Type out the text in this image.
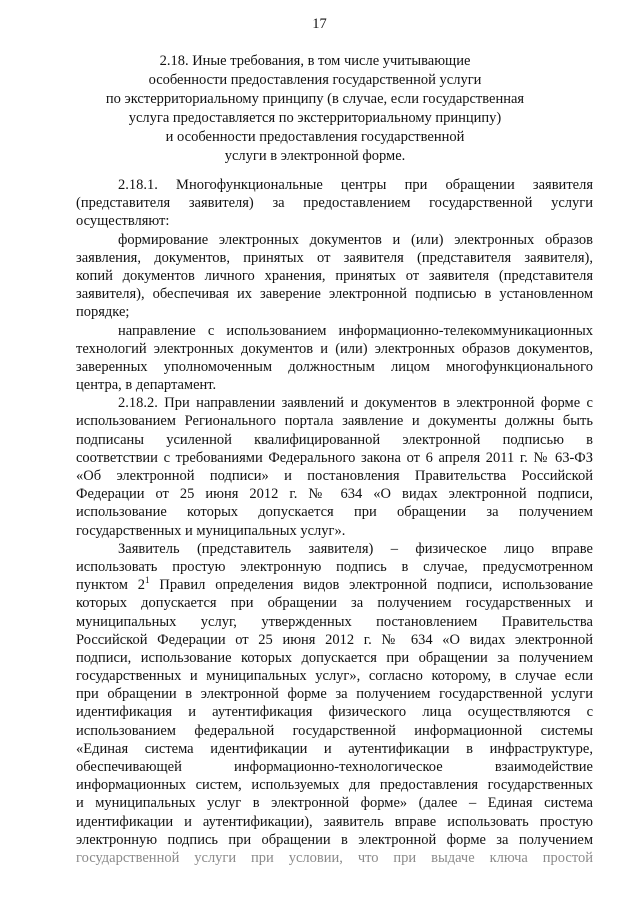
17
2.18. Иные требования, в том числе учитывающие
особенности предоставления государственной услуги
по экстерриториальному принципу (в случае, если государственная
услуга предоставляется по экстерриториальному принципу)
и особенности предоставления государственной
услуги в электронной форме.
2.18.1. Многофункциональные центры при обращении заявителя
(представителя заявителя) за предоставлением государственной услуги
осуществляют:
формирование электронных документов и (или) электронных образов
заявления, документов, принятых от заявителя (представителя заявителя),
копий документов личного хранения, принятых от заявителя (представителя
заявителя), обеспечивая их заверение электронной подписью в установленном
порядке;
направление с использованием информационно-телекоммуникационных
технологий электронных документов и (или) электронных образов документов,
заверенных уполномоченным должностным лицом многофункционального
центра, в департамент.
2.18.2. При направлении заявлений и документов в электронной форме с
использованием Регионального портала заявление и документы должны быть
подписаны усиленной квалифицированной электронной подписью в
соответствии с требованиями Федерального закона от 6 апреля 2011 г. № 63-ФЗ
«Об электронной подписи» и постановления Правительства Российской
Федерации от 25 июня 2012 г. № 634 «О видах электронной подписи,
использование которых допускается при обращении за получением
государственных и муниципальных услуг».
Заявитель (представитель заявителя) – физическое лицо вправе
использовать простую электронную подпись в случае, предусмотренном
пунктом $2^1$ Правил определения видов электронной подписи, использование
которых допускается при обращении за получением государственных и
муниципальных услуг, утвержденных постановлением Правительства
Российской Федерации от 25 июня 2012 г. № 634 «О видах электронной
подписи, использование которых допускается при обращении за получением
государственных и муниципальных услуг», согласно которому, в случае если
при обращении в электронной форме за получением государственной услуги
идентификация и аутентификация физического лица осуществляются с
использованием федеральной государственной информационной системы
«Единая система идентификации и аутентификации в инфраструктуре,
обеспечивающей информационно-технологическое взаимодействие
информационных систем, используемых для предоставления государственных
и муниципальных услуг в электронной форме» (далее – Единая система
идентификации и аутентификации), заявитель вправе использовать простую
электронную подпись при обращении в электронной форме за получением
государственной услуги при условии, что при выдаче ключа простой
